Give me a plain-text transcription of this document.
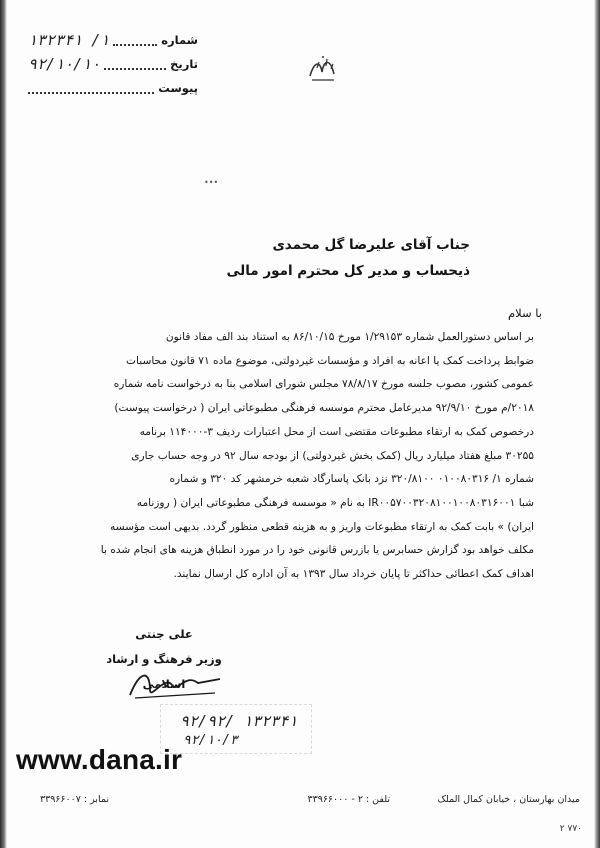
شماره
۱/ ۱۳۲۳۴۱
تاریخ
۹۲/۱۰/۱۰
پیوست
•••
جناب آقای علیرضا گل محمدی
ذیحساب و مدیر کل محترم امور مالی
با سلام
بر اساس دستورالعمل شماره ۱/۲۹۱۵۳ مورخ ۸۶/۱۰/۱۵ به استناد بند الف مفاد قانون
ضوابط پرداخت کمک یا اعانه به افراد و مؤسسات غیردولتی، موضوع ماده ۷۱ قانون محاسبات
عمومی کشور، مصوب جلسه مورخ ۷۸/۸/۱۷ مجلس شورای اسلامی بنا به درخواست نامه شماره
۲۰۱۸/م مورخ ۹۲/۹/۱۰ مدیرعامل محترم موسسه فرهنگی مطبوعاتی ایران ( درخواست پیوست)
درخصوص کمک به ارتقاء مطبوعات مقتضی است از محل اعتبارات ردیف ۳-۱۱۴۰۰۰ برنامه
۳۰۲۵۵ مبلغ هفتاد میلیارد ریال (کمک بخش غیردولتی) از بودجه سال ۹۲ در وجه حساب جاری
شماره ۱/ ۰۱۰۰۸۰۳۱۶ ۳۲۰/۸۱۰۰ نزد بانک پاسارگاد شعبه خرمشهر کد ۳۲۰ و شماره
شبا IR۰۰۵۷۰۰۳۲۰۸۱۰۰۱۰۰۸۰۳۱۶۰۰۱ به نام « موسسه فرهنگی مطبوعاتی ایران ( روزنامه
ایران) » بابت کمک به ارتقاء مطبوعات واریز و به هزینه قطعی منظور گردد. بدیهی است مؤسسه
مکلف خواهد بود گزارش حسابرس یا بازرس قانونی خود را در مورد انطباق هزینه های انجام شده با
اهداف کمک اعطائی حداکثر تا پایان خرداد سال ۱۳۹۳ به آن اداره کل ارسال نمایند.
علی جنتی
وزیر فرهنگ و ارشاد اسلامی
۹۲/۹۲/ ۱۳۲۳۴۱
۹۲/۱۰/۳
www.dana.ir
میدان بهارستان ، خیابان کمال الملک
تلفن : ۲ - ۳۳۹۶۶۰۰۰
نمابر : ۳۳۹۶۶۰۰۷
۲ ۷۷۰
